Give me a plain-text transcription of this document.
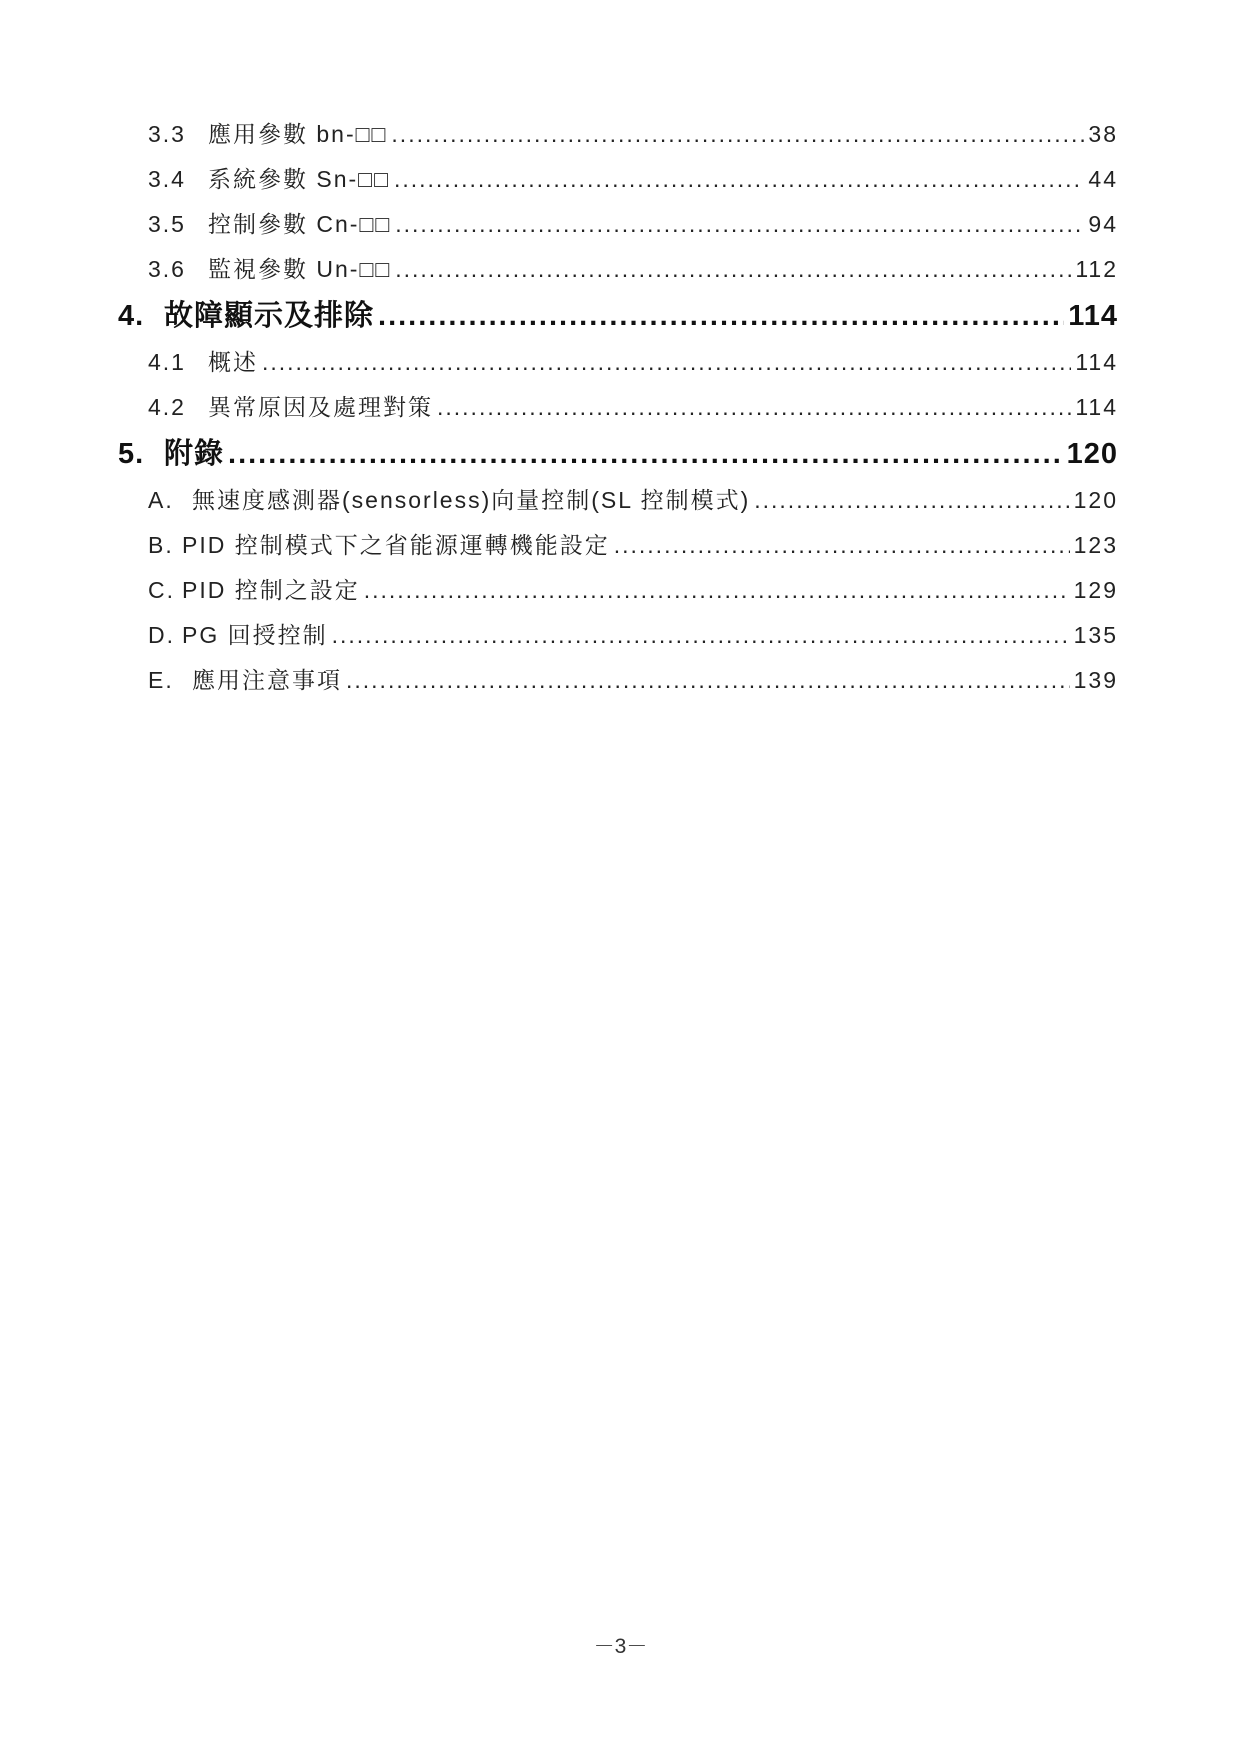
3.3 應用參數 bn-□□ .....	38
3.4 系統參數 Sn-□□ .....	44
3.5 控制參數 Cn-□□ .....	94
3.6 監視參數 Un-□□ .....	112
4. 故障顯示及排除 .....	114
4.1 概述 .....	114
4.2 異常原因及處理對策 .....	114
5. 附錄 .....	120
A. 無速度感測器(sensorless)向量控制(SL 控制模式) .....	120
B. PID 控制模式下之省能源運轉機能設定 .....	123
C. PID 控制之設定 .....	129
D. PG 回授控制 .....	135
E. 應用注意事項 .....	139
－3－
